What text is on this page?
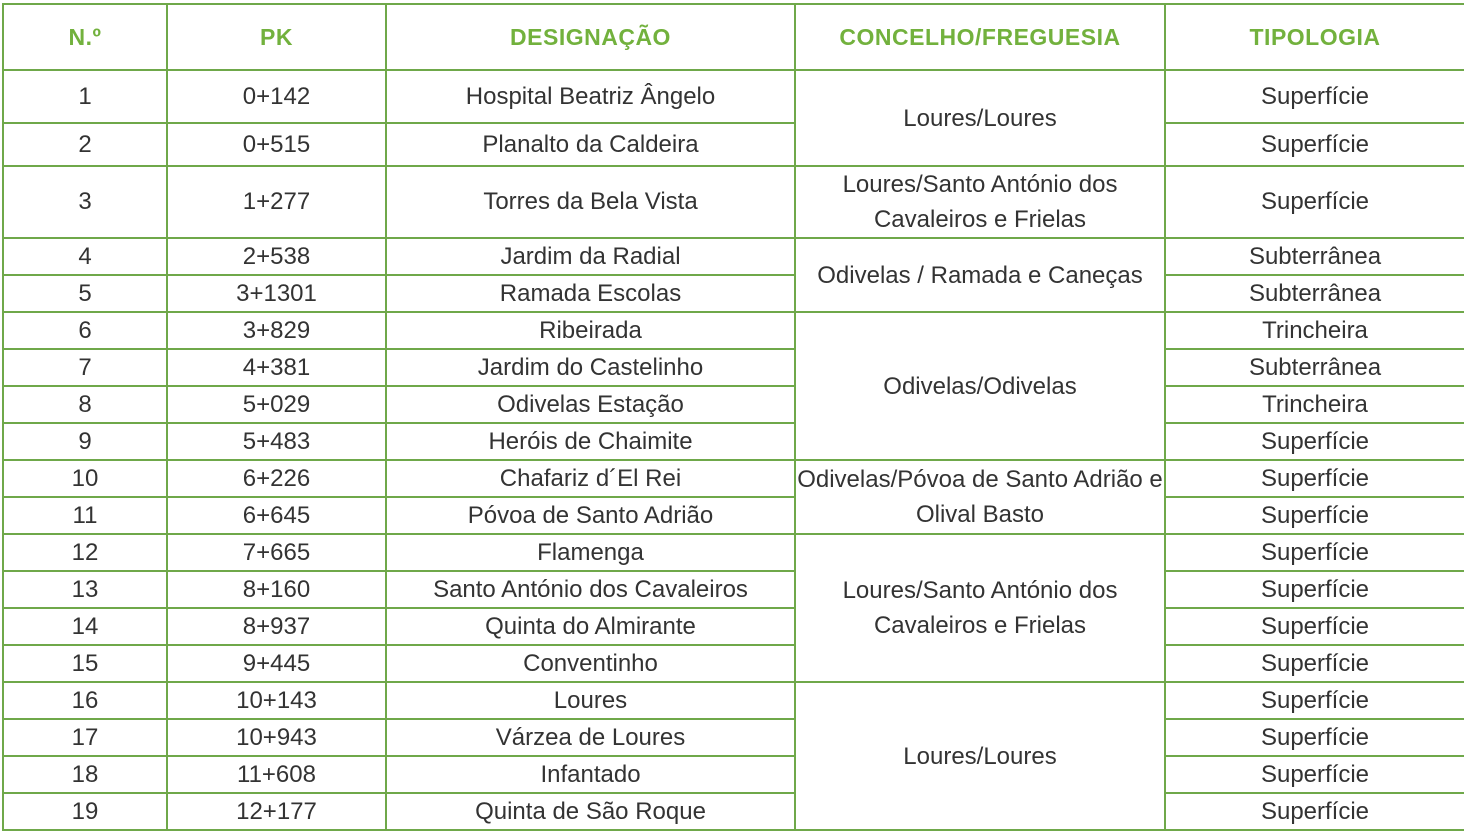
N.º	PK	DESIGNAÇÃO	CONCELHO/FREGUESIA	TIPOLOGIA
1	0+142	Hospital Beatriz Ângelo	Loures/Loures	Superfície
2	0+515	Planalto da Caldeira		Superfície
3	1+277	Torres da Bela Vista	Loures/Santo António dos Cavaleiros e Frielas	Superfície
4	2+538	Jardim da Radial	Odivelas / Ramada e Caneças	Subterrânea
5	3+1301	Ramada Escolas		Subterrânea
6	3+829	Ribeirada	Odivelas/Odivelas	Trincheira
7	4+381	Jardim do Castelinho		Subterrânea
8	5+029	Odivelas Estação		Trincheira
9	5+483	Heróis de Chaimite		Superfície
10	6+226	Chafariz d´El Rei	Odivelas/Póvoa de Santo Adrião e Olival Basto	Superfície
11	6+645	Póvoa de Santo Adrião		Superfície
12	7+665	Flamenga	Loures/Santo António dos Cavaleiros e Frielas	Superfície
13	8+160	Santo António dos Cavaleiros		Superfície
14	8+937	Quinta do Almirante		Superfície
15	9+445	Conventinho		Superfície
16	10+143	Loures	Loures/Loures	Superfície
17	10+943	Várzea de Loures		Superfície
18	11+608	Infantado		Superfície
19	12+177	Quinta de São Roque		Superfície
